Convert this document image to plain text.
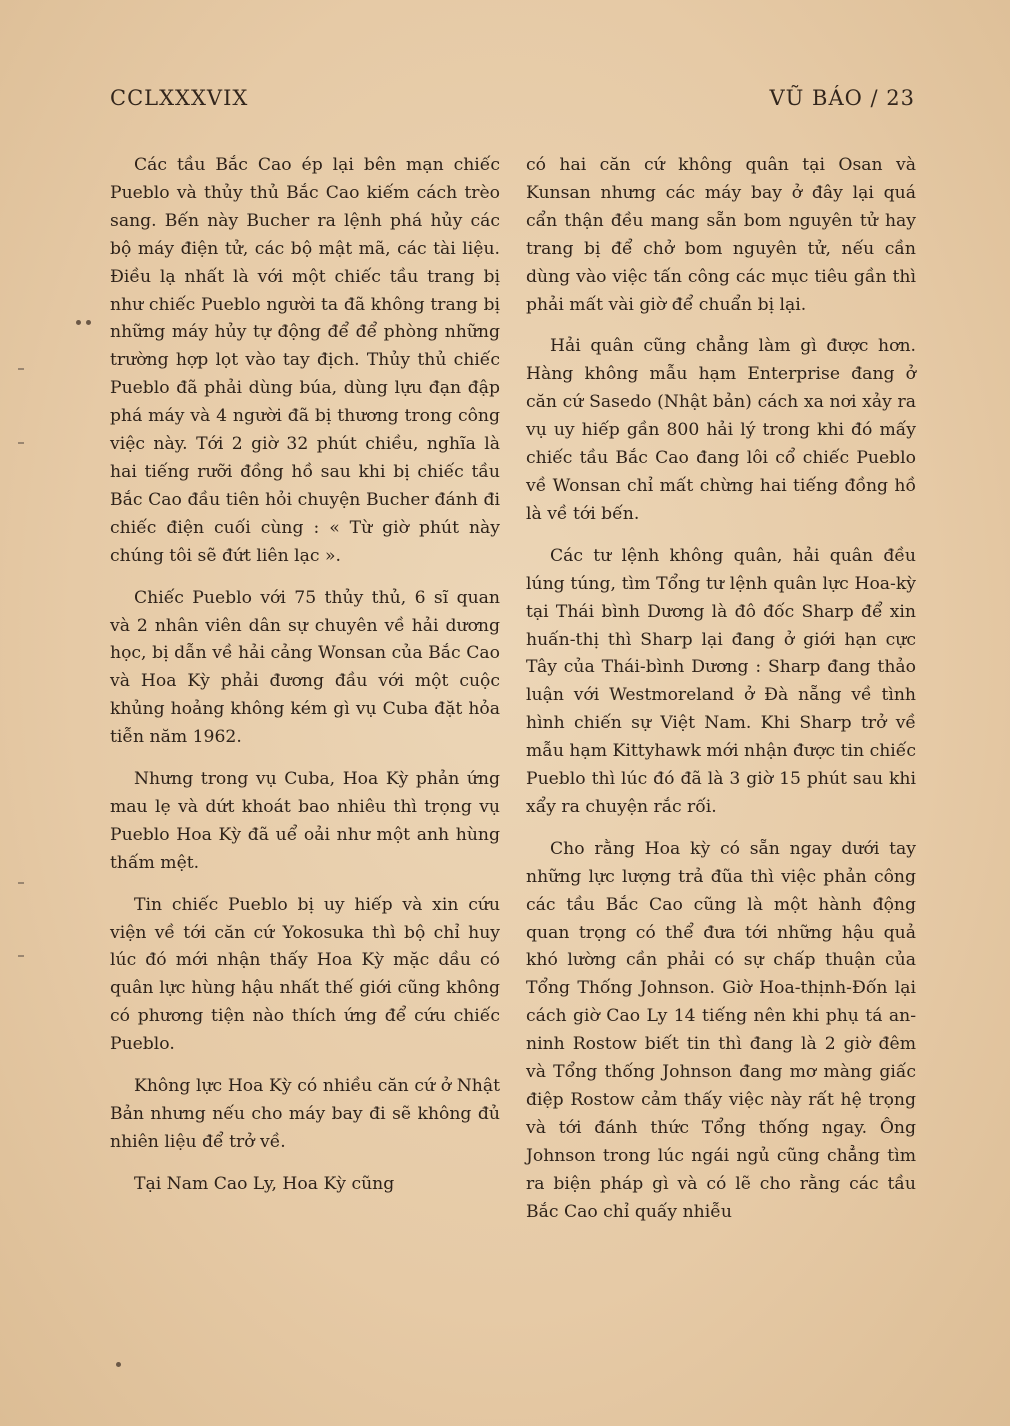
CCLXXXVIX	VŨ BÁO / 23

Các tầu Bắc Cao ép lại bên mạn chiếc Pueblo và thủy thủ Bắc Cao kiếm cách trèo sang. Bến này Bucher ra lệnh phá hủy các bộ máy điện tử, các bộ mật mã, các tài liệu. Điều lạ nhất là với một chiếc tầu trang bị như chiếc Pueblo người ta đã không trang bị những máy hủy tự động để để phòng những trường hợp lọt vào tay địch. Thủy thủ chiếc Pueblo đã phải dùng búa, dùng lựu đạn đập phá máy và 4 người đã bị thương trong công việc này. Tới 2 giờ 32 phút chiều, nghĩa là hai tiếng rưỡi đồng hồ sau khi bị chiếc tầu Bắc Cao đầu tiên hỏi chuyện Bucher đánh đi chiếc điện cuối cùng : « Từ giờ phút này chúng tôi sẽ đứt liên lạc ».

Chiếc Pueblo với 75 thủy thủ, 6 sĩ quan và 2 nhân viên dân sự chuyên về hải dương học, bị dẫn về hải cảng Wonsan của Bắc Cao và Hoa Kỳ phải đương đầu với một cuộc khủng hoảng không kém gì vụ Cuba đặt hỏa tiễn năm 1962.

Nhưng trong vụ Cuba, Hoa Kỳ phản ứng mau lẹ và dứt khoát bao nhiêu thì trọng vụ Pueblo Hoa Kỳ đã uể oải như một anh hùng thấm mệt.

Tin chiếc Pueblo bị uy hiếp và xin cứu viện về tới căn cứ Yokosuka thì bộ chỉ huy lúc đó mới nhận thấy Hoa Kỳ mặc dầu có quân lực hùng hậu nhất thế giới cũng không có phương tiện nào thích ứng để cứu chiếc Pueblo.

Không lực Hoa Kỳ có nhiều căn cứ ở Nhật Bản nhưng nếu cho máy bay đi sẽ không đủ nhiên liệu để trở về.

Tại Nam Cao Ly, Hoa Kỳ cũng

có hai căn cứ không quân tại Osan và Kunsan nhưng các máy bay ở đây lại quá cẩn thận đều mang sẵn bom nguyên tử hay trang bị để chở bom nguyên tử, nếu cần dùng vào việc tấn công các mục tiêu gần thì phải mất vài giờ để chuẩn bị lại.

Hải quân cũng chẳng làm gì được hơn. Hàng không mẫu hạm Enterprise đang ở căn cứ Sasedo (Nhật bản) cách xa nơi xảy ra vụ uy hiếp gần 800 hải lý trong khi đó mấy chiếc tầu Bắc Cao đang lôi cổ chiếc Pueblo về Wonsan chỉ mất chừng hai tiếng đồng hồ là về tới bến.

Các tư lệnh không quân, hải quân đều lúng túng, tìm Tổng tư lệnh quân lực Hoa-kỳ tại Thái bình Dương là đô đốc Sharp để xin huấn-thị thì Sharp lại đang ở giới hạn cực Tây của Thái-bình Dương : Sharp đang thảo luận với Westmoreland ở Đà nẵng về tình hình chiến sự Việt Nam. Khi Sharp trở về mẫu hạm Kittyhawk mới nhận được tin chiếc Pueblo thì lúc đó đã là 3 giờ 15 phút sau khi xẩy ra chuyện rắc rối.

Cho rằng Hoa kỳ có sẵn ngay dưới tay những lực lượng trả đũa thì việc phản công các tầu Bắc Cao cũng là một hành động quan trọng có thể đưa tới những hậu quả khó lường cần phải có sự chấp thuận của Tổng Thống Johnson. Giờ Hoa-thịnh-Đốn lại cách giờ Cao Ly 14 tiếng nên khi phụ tá an-ninh Rostow biết tin thì đang là 2 giờ đêm và Tổng thống Johnson đang mơ màng giấc điệp Rostow cảm thấy việc này rất hệ trọng và tới đánh thức Tổng thống ngay. Ông Johnson trong lúc ngái ngủ cũng chẳng tìm ra biện pháp gì và có lẽ cho rằng các tầu Bắc Cao chỉ quấy nhiễu
